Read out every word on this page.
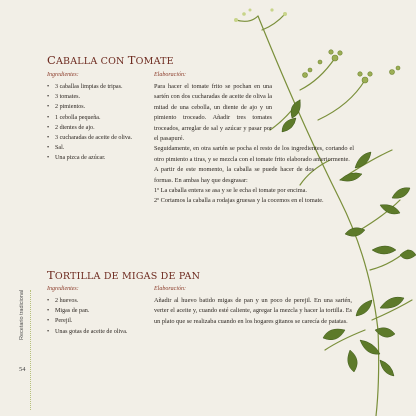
CABALLA CON TOMATE
Ingredientes:
• 3 caballas limpias de tripas.
• 3 tomates.
• 2 pimientos.
• 1 cebolla pequeña.
• 2 dientes de ajo.
• 3 cucharadas de aceite de oliva.
• Sal.
• Una pizca de azúcar.
Elaboración:

Para hacer el tomate frito se pochan en una sartén con dos cucharadas de aceite de oliva la mitad de una cebolla, un diente de ajo y un pimiento troceado. Añadir tres tomates troceados, arreglar de sal y azúcar y pasar por el pasapuré.

Seguidamente, en otra sartén se pocha el resto de los ingredientes, cortando el otro pimiento a tiras, y se mezcla con el tomate frito elaborado anteriormente.

A partir de este momento, la caballa se puede hacer de dos formas. En ambas hay que desgrasar:

1º La caballa entera se asa y se le echa el tomate por encima.

2º Cortamos la caballa a rodajas gruesas y la cocemos en el tomate.

TORTILLA DE MIGAS DE PAN
Ingredientes:
• 2 huevos.
• Migas de pan.
• Perejil.
• Unas gotas de aceite de oliva.
Elaboración:

Añadir al huevo batido migas de pan y un poco de perejil. En una sartén, verter el aceite y, cuando esté caliente, agregar la mezcla y hacer la tortilla. Es un plato que se realizaba cuando en los hogares gitanos se carecía de patatas.

Recetario tradicional
54
